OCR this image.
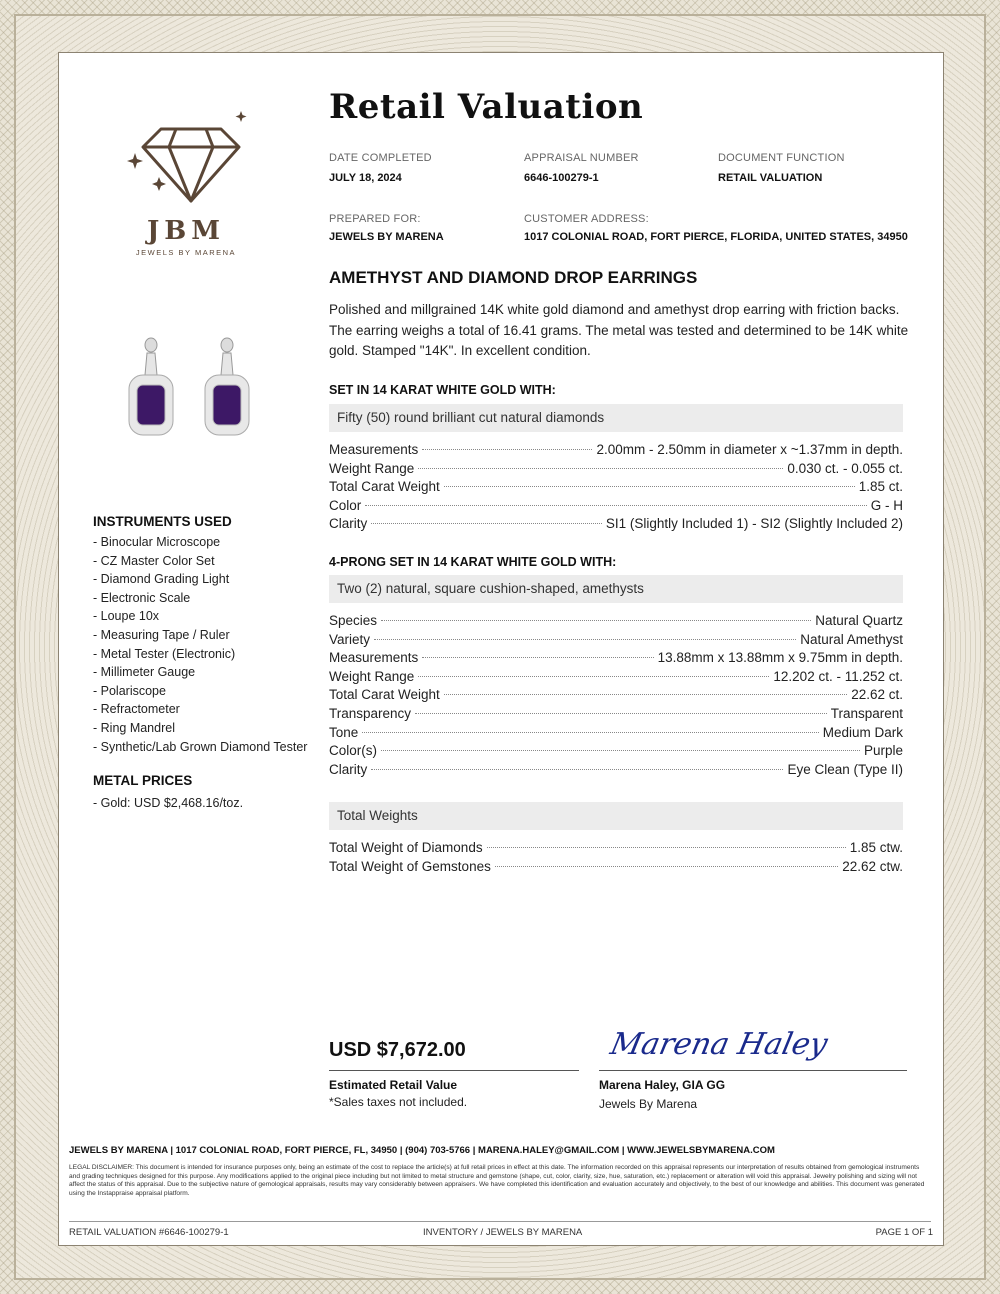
JBM
JEWELS BY MARENA
Retail Valuation
DATE COMPLETED
JULY 18, 2024
APPRAISAL NUMBER
6646-100279-1
DOCUMENT FUNCTION
RETAIL VALUATION
PREPARED FOR:
JEWELS BY MARENA
CUSTOMER ADDRESS:
1017 COLONIAL ROAD, FORT PIERCE, FLORIDA, UNITED STATES, 34950
AMETHYST AND DIAMOND DROP EARRINGS
Polished and millgrained 14K white gold diamond and amethyst drop earring with friction backs. The earring weighs a total of 16.41 grams. The metal was tested and determined to be 14K white gold. Stamped "14K". In excellent condition.
SET IN 14 KARAT WHITE GOLD WITH:
Fifty (50) round brilliant cut natural diamonds
Measurements	2.00mm - 2.50mm in diameter x ~1.37mm in depth.
Weight Range	0.030 ct. - 0.055 ct.
Total Carat Weight	1.85 ct.
Color	G - H
Clarity	SI1 (Slightly Included 1) - SI2 (Slightly Included 2)
4-PRONG SET IN 14 KARAT WHITE GOLD WITH:
Two (2) natural, square cushion-shaped, amethysts
Species	Natural Quartz
Variety	Natural Amethyst
Measurements	13.88mm x 13.88mm x 9.75mm in depth.
Weight Range	12.202 ct. - 11.252 ct.
Total Carat Weight	22.62 ct.
Transparency	Transparent
Tone	Medium Dark
Color(s)	Purple
Clarity	Eye Clean (Type II)
Total Weights
Total Weight of Diamonds	1.85 ctw.
Total Weight of Gemstones	22.62 ctw.
INSTRUMENTS USED
- Binocular Microscope
- CZ Master Color Set
- Diamond Grading Light
- Electronic Scale
- Loupe 10x
- Measuring Tape / Ruler
- Metal Tester (Electronic)
- Millimeter Gauge
- Polariscope
- Refractometer
- Ring Mandrel
- Synthetic/Lab Grown Diamond Tester
METAL PRICES
- Gold: USD $2,468.16/toz.
USD $7,672.00
Estimated Retail Value
*Sales taxes not included.
Marena Haley
Marena Haley, GIA GG
Jewels By Marena
JEWELS BY MARENA | 1017 COLONIAL ROAD, FORT PIERCE, FL, 34950 | (904) 703-5766 | MARENA.HALEY@GMAIL.COM | WWW.JEWELSBYMARENA.COM
LEGAL DISCLAIMER: This document is intended for insurance purposes only, being an estimate of the cost to replace the article(s) at full retail prices in effect at this date. The information recorded on this appraisal represents our interpretation of results obtained from gemological instruments and grading techniques designed for this purpose. Any modifications applied to the original piece including but not limited to metal structure and gemstone (shape, cut, color, clarity, size, hue, saturation, etc.) replacement or alteration will void this appraisal. Jewelry polishing and sizing will not affect the status of this appraisal. Due to the subjective nature of gemological appraisals, results may vary considerably between appraisers. We have completed this identification and evaluation accurately and objectively, to the best of our knowledge and abilities. This document was generated using the Instappraise appraisal platform.
RETAIL VALUATION #6646-100279-1	INVENTORY / JEWELS BY MARENA	PAGE 1 OF 1
